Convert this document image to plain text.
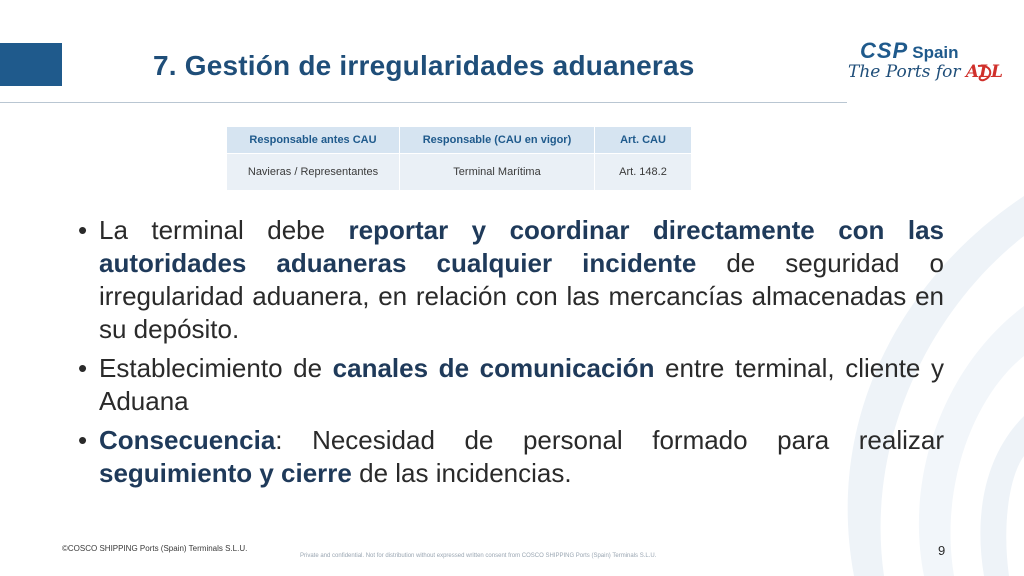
7. Gestión de irregularidades aduaneras	CSP Spain
The Ports for ALL
Responsable antes CAU	Responsable (CAU en vigor)	Art. CAU
Navieras / Representantes	Terminal Marítima	Art. 148.2
• La terminal debe reportar y coordinar directamente con las autoridades aduaneras cualquier incidente de seguridad o irregularidad aduanera, en relación con las mercancías almacenadas en su depósito.
• Establecimiento de canales de comunicación entre terminal, cliente y Aduana
• Consecuencia: Necesidad de personal formado para realizar seguimiento y cierre de las incidencias.
©COSCO SHIPPING Ports (Spain) Terminals S.L.U.
Private and confidential. Not for distribution without expressed written consent from COSCO SHIPPING Ports (Spain) Terminals S.L.U.	9
